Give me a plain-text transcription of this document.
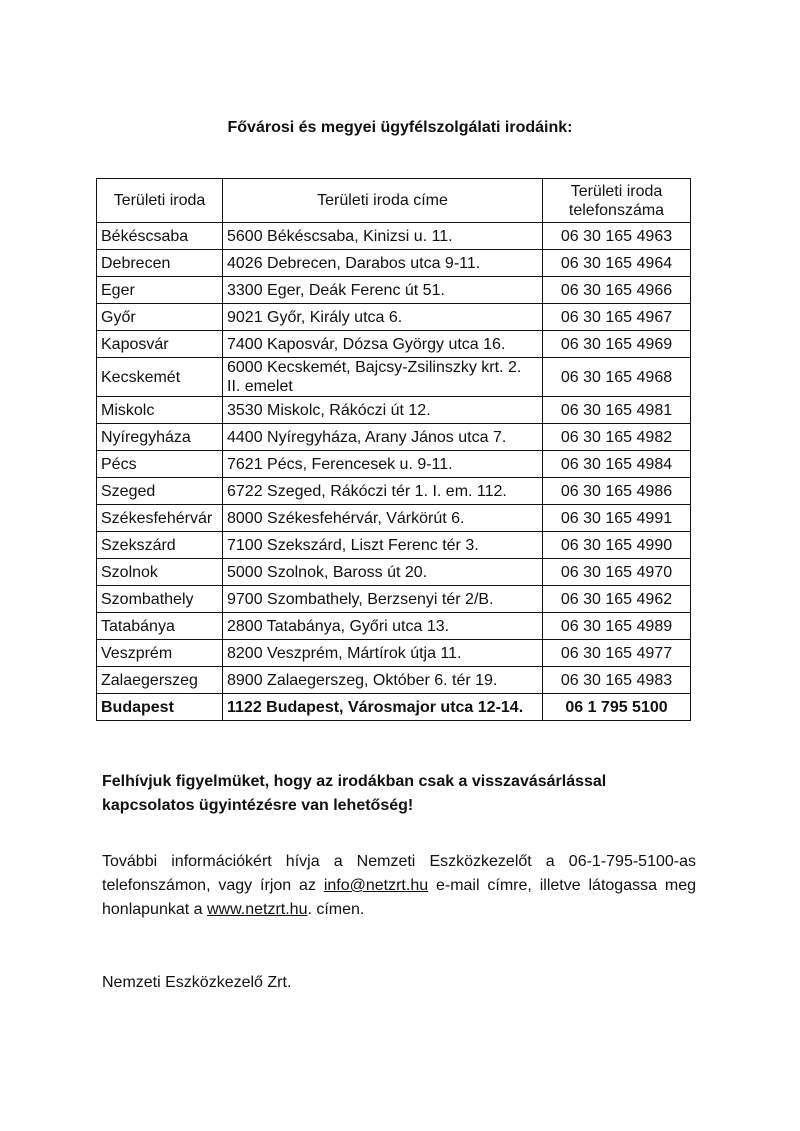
Fővárosi és megyei ügyfélszolgálati irodáink:
Területi iroda	Területi iroda címe	Területi iroda telefonszáma
Békéscsaba	5600 Békéscsaba, Kinizsi u. 11.	06 30 165 4963
Debrecen	4026 Debrecen, Darabos utca 9-11.	06 30 165 4964
Eger	3300 Eger, Deák Ferenc út 51.	06 30 165 4966
Győr	9021 Győr, Király utca 6.	06 30 165 4967
Kaposvár	7400 Kaposvár, Dózsa György utca 16.	06 30 165 4969
Kecskemét	6000 Kecskemét, Bajcsy-Zsilinszky krt. 2. II. emelet	06 30 165 4968
Miskolc	3530 Miskolc, Rákóczi út 12.	06 30 165 4981
Nyíregyháza	4400 Nyíregyháza, Arany János utca 7.	06 30 165 4982
Pécs	7621 Pécs, Ferencesek u. 9-11.	06 30 165 4984
Szeged	6722 Szeged, Rákóczi tér 1. I. em. 112.	06 30 165 4986
Székesfehérvár	8000 Székesfehérvár, Várkörút 6.	06 30 165 4991
Szekszárd	7100 Szekszárd, Liszt Ferenc tér 3.	06 30 165 4990
Szolnok	5000 Szolnok, Baross út 20.	06 30 165 4970
Szombathely	9700 Szombathely, Berzsenyi tér 2/B.	06 30 165 4962
Tatabánya	2800 Tatabánya, Győri utca 13.	06 30 165 4989
Veszprém	8200 Veszprém, Mártírok útja 11.	06 30 165 4977
Zalaegerszeg	8900 Zalaegerszeg, Október 6. tér 19.	06 30 165 4983
Budapest	1122 Budapest, Városmajor utca 12-14.	06 1 795 5100
Felhívjuk figyelmüket, hogy az irodákban csak a visszavásárlással kapcsolatos ügyintézésre van lehetőség!
További információkért hívja a Nemzeti Eszközkezelőt a 06-1-795-5100-as telefonszámon, vagy írjon az info@netzrt.hu e-mail címre, illetve látogassa meg honlapunkat a www.netzrt.hu. címen.
Nemzeti Eszközkezelő Zrt.
